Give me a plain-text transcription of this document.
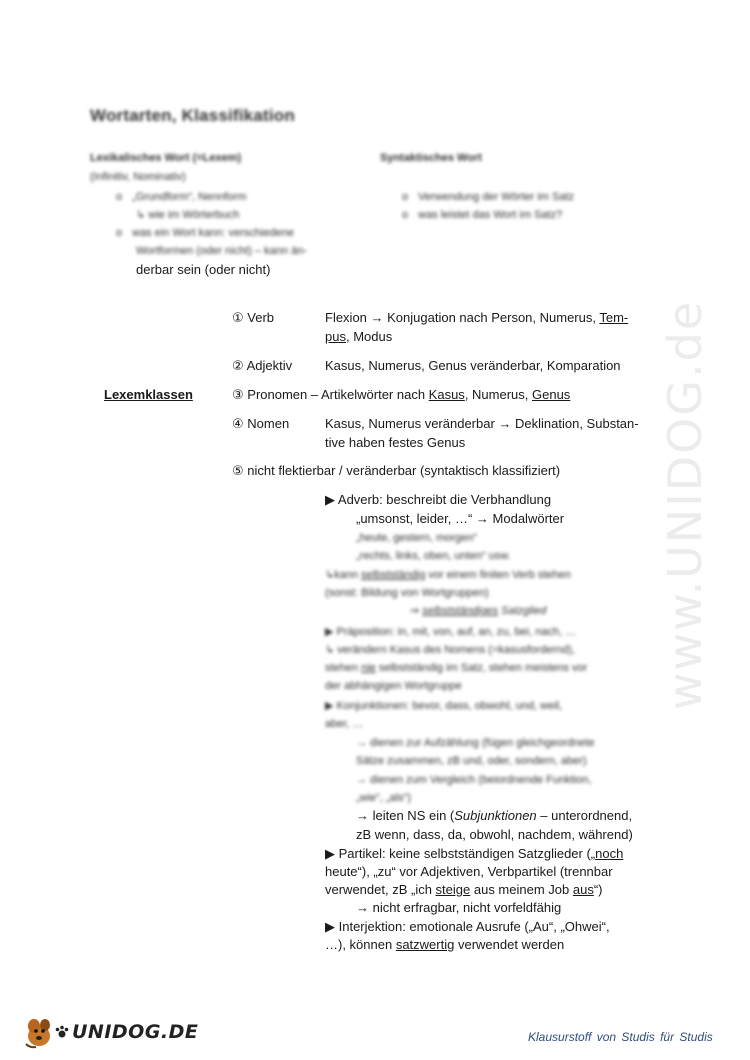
Wortarten, Klassifikation
Lexikalisches Wort (=Lexem)
(Infinitiv, Nominativ)
o „Grundform“, Nennform
↳ wie im Wörterbuch
o was ein Wort kann: verschiedene
Wortformen (oder nicht) – kann än-
derbar sein (oder nicht)
Syntaktisches Wort
o Verwendung der Wörter im Satz
o was leistet das Wort im Satz?
Lexemklassen
① Verb	Flexion → Konjugation nach Person, Numerus, Tem-
pus, Modus
② Adjektiv	Kasus, Numerus, Genus veränderbar, Komparation
③ Pronomen – Artikelwörter nach Kasus, Numerus, Genus
④ Nomen	Kasus, Numerus veränderbar → Deklination, Substan-
tive haben festes Genus
⑤ nicht flektierbar / veränderbar (syntaktisch klassifiziert)
▶ Adverb: beschreibt die Verbhandlung
„umsonst, leider, …“ → Modalwörter
„heute, gestern, morgen“
„rechts, links, oben, unten“ usw.
↳kann selbstständig vor einem finiten Verb stehen
(sonst: Bildung von Wortgruppen)
⇒ selbstständiges Satzglied
▶ Präposition: in, mit, von, auf, an, zu, bei, nach, …
↳ verändern Kasus des Nomens (=kasusfordernd),
stehen nie selbstständig im Satz, stehen meistens vor
der abhängigen Wortgruppe
▶ Konjunktionen: bevor, dass, obwohl, und, weil,
aber, …
→ dienen zur Aufzählung (fügen gleichgeordnete
Sätze zusammen, zB und, oder, sondern, aber)
→ dienen zum Vergleich (beiordnende Funktion,
„wie“, „als“)
→ leiten NS ein (Subjunktionen – unterordnend,
zB wenn, dass, da, obwohl, nachdem, während)
▶ Partikel: keine selbstständigen Satzglieder („noch
heute“), „zu“ vor Adjektiven, Verbpartikel (trennbar
verwendet, zB „ich steige aus meinem Job aus“)
→ nicht erfragbar, nicht vorfeldfähig
▶ Interjektion: emotionale Ausrufe („Au“, „Ohwei“,
…), können satzwertig verwendet werden
www.UNIDOG.de
UNIDOG.DE	Klausurstoff von Studis für Studis
